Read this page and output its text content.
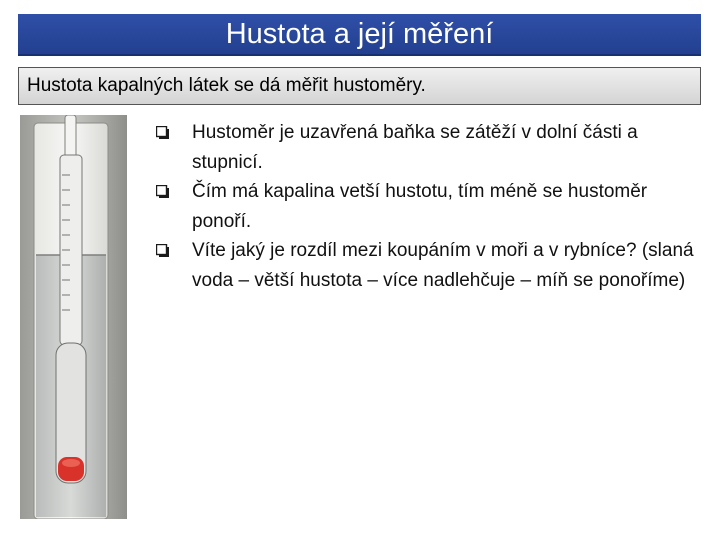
Hustota a její měření
Hustota kapalných látek se dá měřit hustoměry.
Hustoměr je uzavřená baňka se zátěží v dolní části a stupnicí.
Čím má kapalina vetší hustotu, tím méně se hustoměr ponoří.
Víte jaký je rozdíl mezi koupáním v moři a v rybníce? (slaná voda – větší hustota – více nadlehčuje – míň se ponoříme)
